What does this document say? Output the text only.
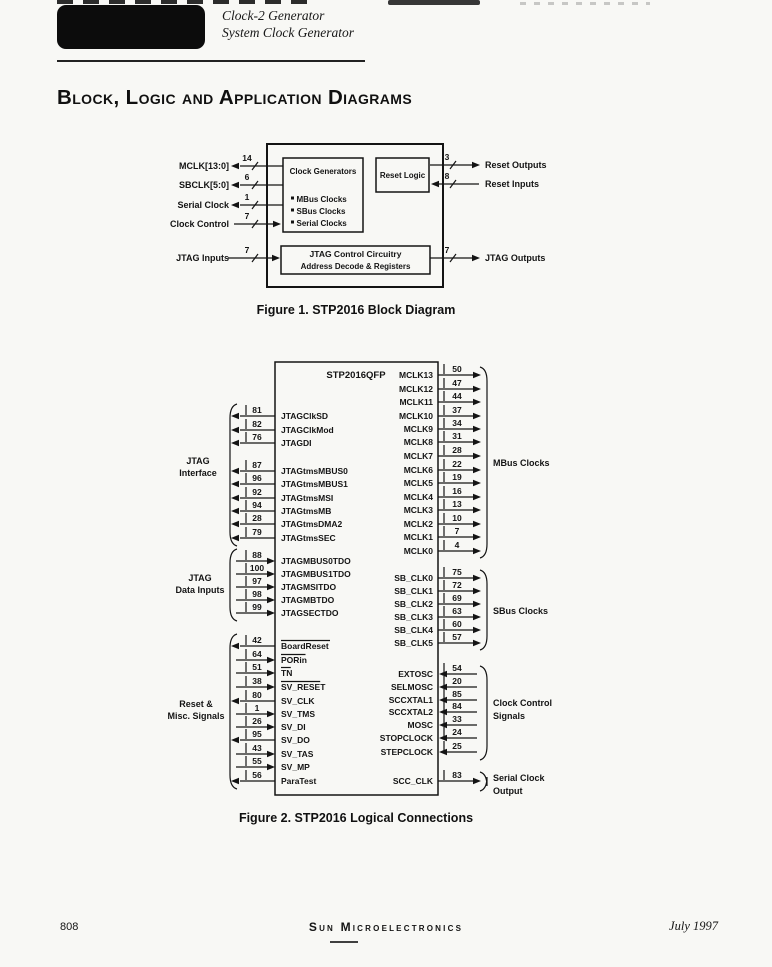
Clock-2 Generator
System Clock Generator
Block, Logic and Application Diagrams
Clock Generators
MBus Clocks
SBus Clocks
Serial Clocks
Reset Logic
JTAG Control Circuitry
Address Decode & Registers
14
MCLK[13:0]
6
SBCLK[5:0]
1
Serial Clock
7
Clock Control
7
JTAG Inputs
3
Reset Outputs
8
Reset Inputs
7
JTAG Outputs
STP2016QFP
JTAG
Interface
81
JTAGClkSD
82
JTAGClkMod
76
JTAGDI
87
JTAGtmsMBUS0
96
JTAGtmsMBUS1
92
JTAGtmsMSI
94
JTAGtmsMB
28
JTAGtmsDMA2
79
JTAGtmsSEC
JTAG
Data Inputs
88
JTAGMBUS0TDO
100
JTAGMBUS1TDO
97
JTAGMSITDO
98
JTAGMBTDO
99
JTAGSECTDO
Reset &
Misc. Signals
42
BoardReset
64
PORin
51
TN
38
SV_RESET
80
SV_CLK
1
SV_TMS
26
SV_DI
95
SV_DO
43
SV_TAS
55
SV_MP
56
ParaTest
MBus Clocks
50
MCLK13
47
MCLK12
44
MCLK11
37
MCLK10
34
MCLK9
31
MCLK8
28
MCLK7
22
MCLK6
19
MCLK5
16
MCLK4
13
MCLK3
10
MCLK2
7
MCLK1
4
MCLK0
SBus Clocks
75
SB_CLK0
72
SB_CLK1
69
SB_CLK2
63
SB_CLK3
60
SB_CLK4
57
SB_CLK5
Clock Control
Signals
54
EXTOSC
20
SELMOSC
85
SCCXTAL1
84
SCCXTAL2
33
MOSC
24
STOPCLOCK
25
STEPCLOCK
Serial Clock
Output
83
SCC_CLK
Figure 1. STP2016 Block Diagram
Figure 2. STP2016 Logical Connections
808	Sun Microelectronics	July 1997
